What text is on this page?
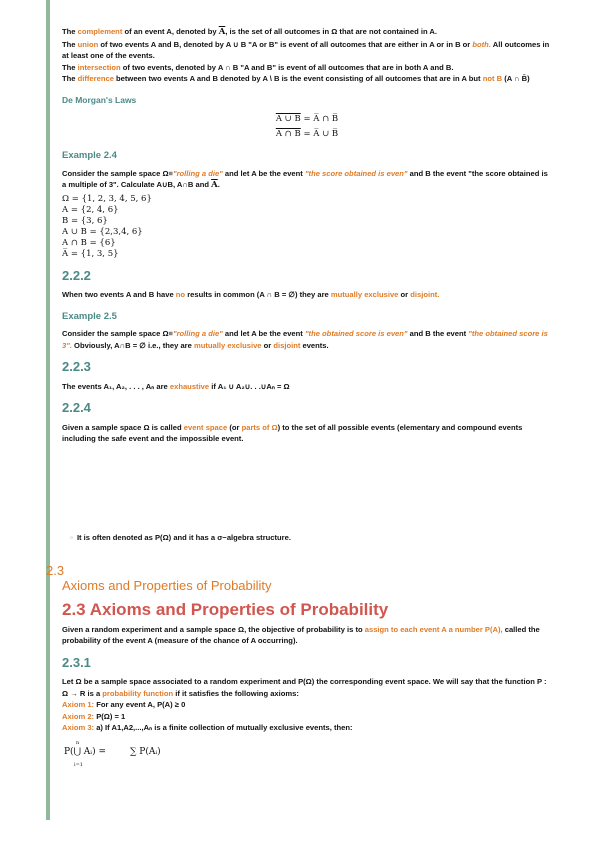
The complement of an event A, denoted by $\overline{A}$, is the set of all outcomes in Ω that are not contained in A.

The union of two events A and B, denoted by A ∪ B "A or B" is event of all outcomes that are either in A or in B or both. All outcomes in at least one of the events.

The intersection of two events, denoted by A ∩ B "A and B" is event of all outcomes that are in both A and B.

The difference between two events A and B denoted by A \ B is the event consisting of all outcomes that are in A but not B (A ∩ B̄)

De Morgan's Laws

A ∪ B = A̅ ∩ B̅
A ∩ B = A̅ ∪ B̅

Example 2.4

Consider the sample space Ω≡"rolling a die" and let A be the event "the score obtained is even" and B the event "the score obtained is a multiple of 3". Calculate A∪B, A∩B and $\overline{A}$.

Ω = {1, 2, 3, 4, 5, 6}
A = {2, 4, 6}
B = {3, 6}
A ∪ B = {2,3,4, 6}
A ∩ B = {6}
A̅ = {1, 3, 5}

2.2.2

When two events A and B have no results in common (A ∩ B = ∅) they are mutually exclusive or disjoint.

Example 2.5

Consider the sample space Ω≡"rolling a die" and let A be the event "the obtained score is even" and B the event "the obtained score is 3". Obviously, A∩B = ∅ i.e., they are mutually exclusive or disjoint events.

2.2.3

The events A₁, A₂, . . . , Aₙ are exhaustive if A₁ ∪ A₂∪. . .∪Aₙ = Ω

2.2.4

Given a sample space Ω is called event space (or parts of Ω) to the set of all possible events (elementary and compound events including the safe event and the impossible event.

▫ It is often denoted as P(Ω) and it has a σ−algebra structure.
2.3
Axioms and Properties of Probability

2.3 Axioms and Properties of Probability

Given a random experiment and a sample space Ω, the objective of probability is to assign to each event A a number P(A), called the probability of the event A (measure of the chance of A occurring).

2.3.1

Let Ω be a sample space associated to a random experiment and P(Ω) the corresponding event space. We will say that the function P : Ω → R is a probability function if it satisfies the following axioms:

Axiom 1: For any event A, P(A) ≥ 0

Axiom 2: P(Ω) = 1

Axiom 3: a) If A1,A2,...,Aₙ is a finite collection of mutually exclusive events, then:

n
P(⋃ Aᵢ) =
i=1
∑ P(Aᵢ)
